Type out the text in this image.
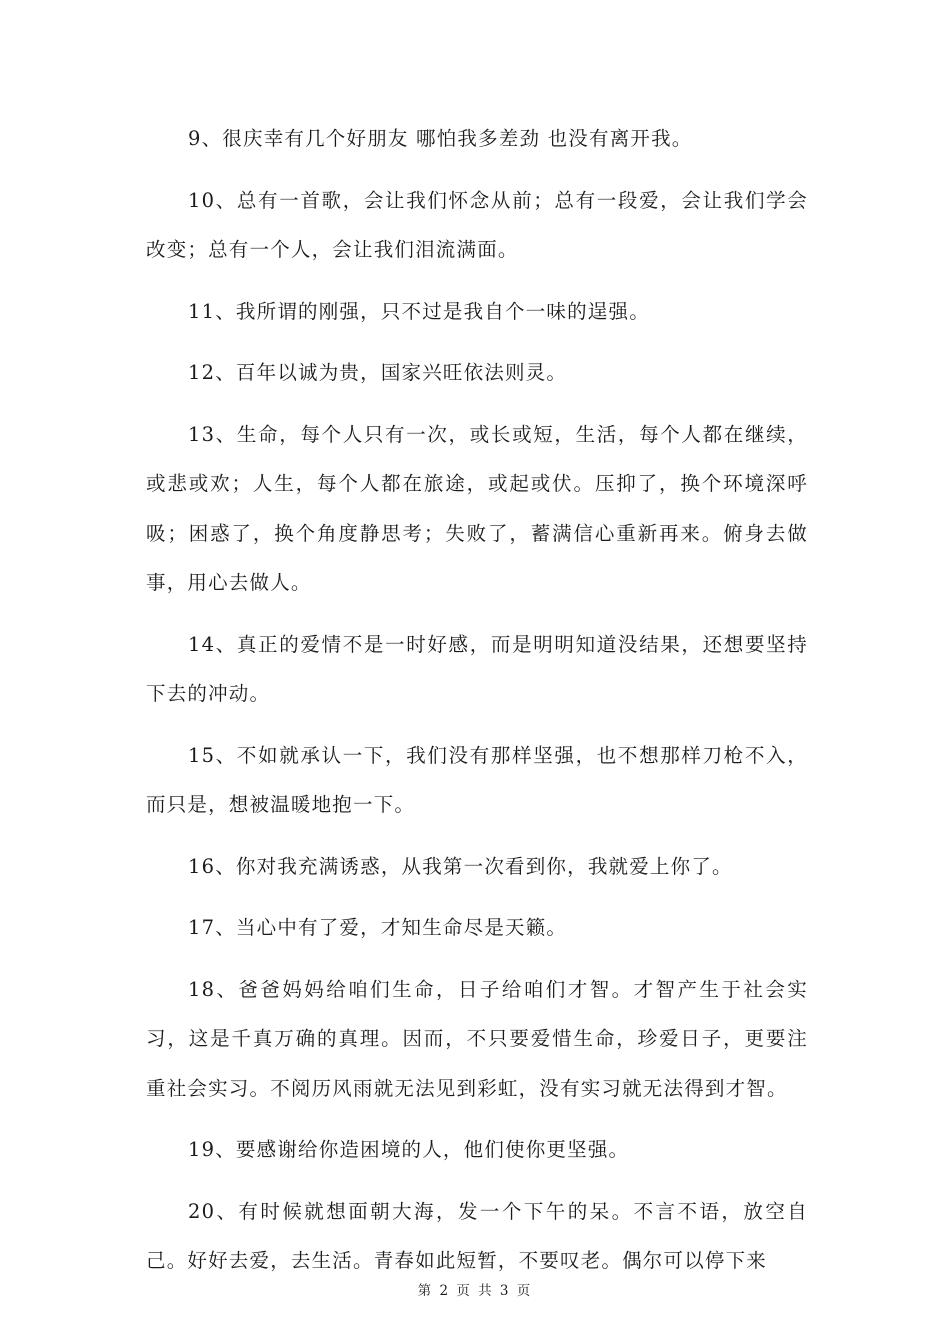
9、很庆幸有几个好朋友 哪怕我多差劲 也没有离开我。

10、总有一首歌，会让我们怀念从前；总有一段爱，会让我们学会改变；总有一个人，会让我们泪流满面。

11、我所谓的刚强，只不过是我自个一味的逞强。

12、百年以诚为贵，国家兴旺依法则灵。

13、生命，每个人只有一次，或长或短，生活，每个人都在继续，或悲或欢；人生，每个人都在旅途，或起或伏。压抑了，换个环境深呼吸；困惑了，换个角度静思考；失败了，蓄满信心重新再来。俯身去做事，用心去做人。

14、真正的爱情不是一时好感，而是明明知道没结果，还想要坚持下去的冲动。

15、不如就承认一下，我们没有那样坚强，也不想那样刀枪不入，而只是，想被温暖地抱一下。

16、你对我充满诱惑，从我第一次看到你，我就爱上你了。

17、当心中有了爱，才知生命尽是天籁。

18、爸爸妈妈给咱们生命，日子给咱们才智。才智产生于社会实习，这是千真万确的真理。因而，不只要爱惜生命，珍爱日子，更要注重社会实习。不阅历风雨就无法见到彩虹，没有实习就无法得到才智。

19、要感谢给你造困境的人，他们使你更坚强。

20、有时候就想面朝大海，发一个下午的呆。不言不语，放空自己。好好去爱，去生活。青春如此短暂，不要叹老。偶尔可以停下来

第 2 页 共 3 页
